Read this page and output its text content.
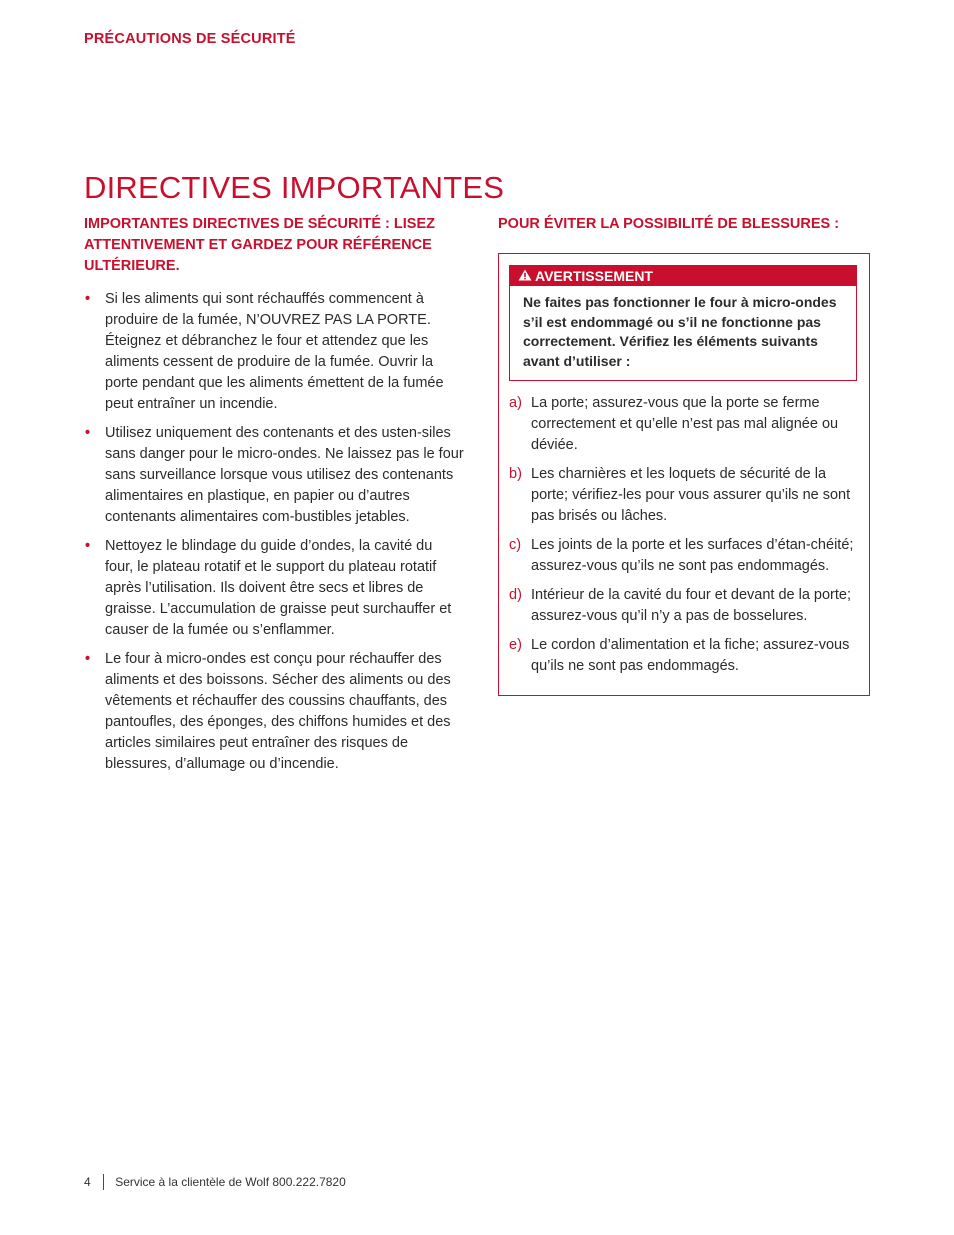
PRÉCAUTIONS DE SÉCURITÉ
DIRECTIVES IMPORTANTES

IMPORTANTES DIRECTIVES DE SÉCURITÉ : LISEZ ATTENTIVEMENT ET GARDEZ POUR RÉFÉRENCE ULTÉRIEURE.

• Si les aliments qui sont réchauffés commencent à produire de la fumée, N’OUVREZ PAS LA PORTE. Éteignez et débranchez le four et attendez que les aliments cessent de produire de la fumée. Ouvrir la porte pendant que les aliments émettent de la fumée peut entraîner un incendie.
• Utilisez uniquement des contenants et des usten-siles sans danger pour le micro-ondes. Ne laissez pas le four sans surveillance lorsque vous utilisez des contenants alimentaires en plastique, en papier ou d’autres contenants alimentaires com-bustibles jetables.
• Nettoyez le blindage du guide d’ondes, la cavité du four, le plateau rotatif et le support du plateau rotatif après l’utilisation. Ils doivent être secs et libres de graisse. L’accumulation de graisse peut surchauffer et causer de la fumée ou s’enflammer.
• Le four à micro-ondes est conçu pour réchauffer des aliments et des boissons. Sécher des aliments ou des vêtements et réchauffer des coussins chauffants, des pantoufles, des éponges, des chiffons humides et des articles similaires peut entraîner des risques de blessures, d’allumage ou d’incendie.

POUR ÉVITER LA POSSIBILITÉ DE BLESSURES :

AVERTISSEMENT
Ne faites pas fonctionner le four à micro-ondes s’il est endommagé ou s’il ne fonctionne pas correctement. Vérifiez les éléments suivants avant d’utiliser :
a) La porte; assurez-vous que la porte se ferme correctement et qu’elle n’est pas mal alignée ou déviée.
b) Les charnières et les loquets de sécurité de la porte; vérifiez-les pour vous assurer qu’ils ne sont pas brisés ou lâches.
c) Les joints de la porte et les surfaces d’étan-chéité; assurez-vous qu’ils ne sont pas endommagés.
d) Intérieur de la cavité du four et devant de la porte; assurez-vous qu’il n’y a pas de bosselures.
e) Le cordon d’alimentation et la fiche; assurez-vous qu’ils ne sont pas endommagés.
4 Service à la clientèle de Wolf 800.222.7820
